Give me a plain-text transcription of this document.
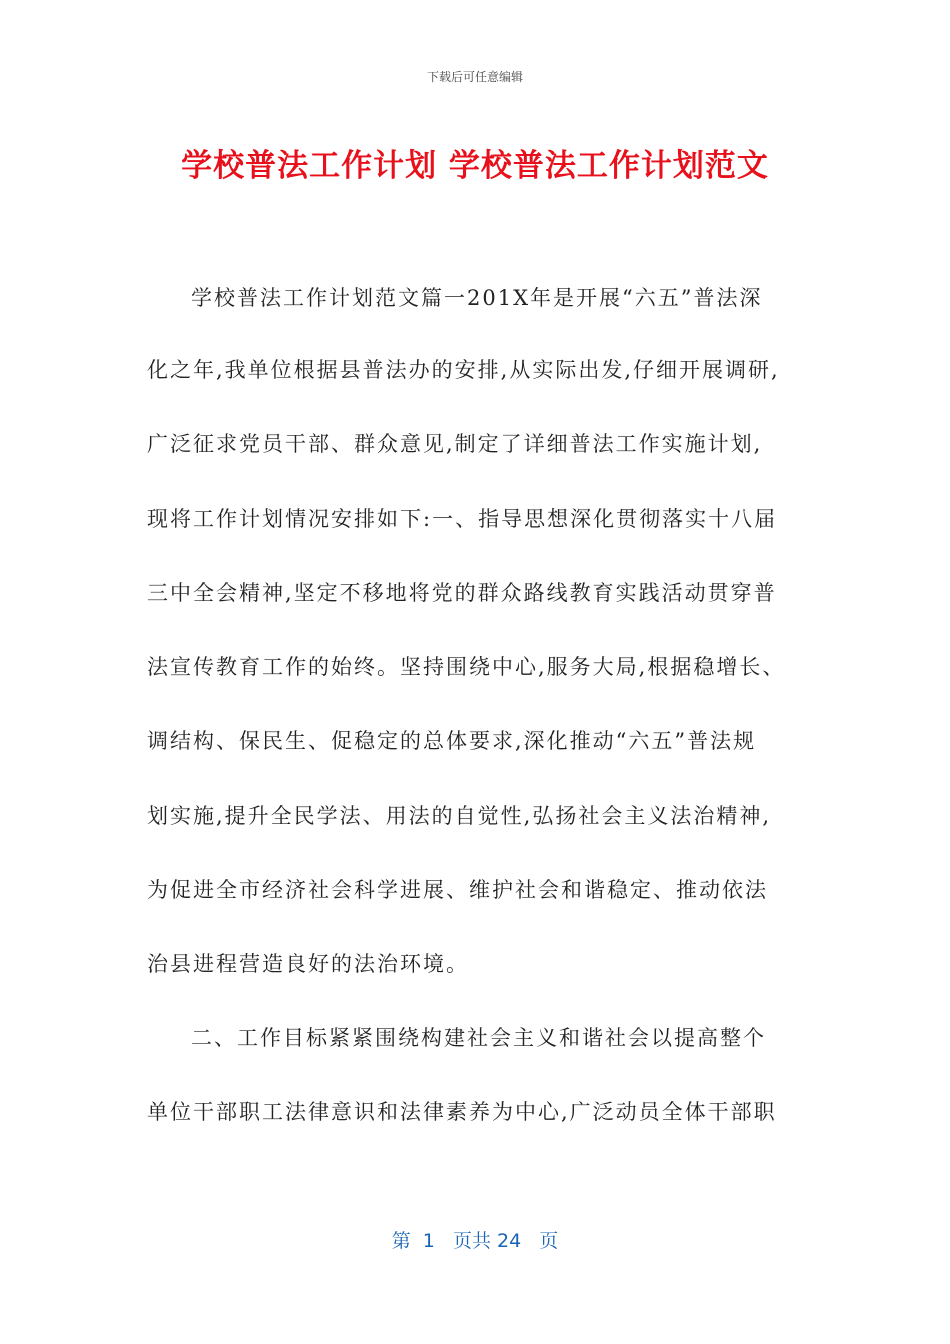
下载后可任意编辑
学校普法工作计划 学校普法工作计划范文
学校普法工作计划范文篇一201X年是开展“六五”普法深
化之年,我单位根据县普法办的安排,从实际出发,仔细开展调研,
广泛征求党员干部、群众意见,制定了详细普法工作实施计划,
现将工作计划情况安排如下:一、指导思想深化贯彻落实十八届
三中全会精神,坚定不移地将党的群众路线教育实践活动贯穿普
法宣传教育工作的始终。坚持围绕中心,服务大局,根据稳增长、
调结构、保民生、促稳定的总体要求,深化推动“六五”普法规
划实施,提升全民学法、用法的自觉性,弘扬社会主义法治精神,
为促进全市经济社会科学进展、维护社会和谐稳定、推动依法
治县进程营造良好的法治环境。
二、工作目标紧紧围绕构建社会主义和谐社会以提高整个
单位干部职工法律意识和法律素养为中心,广泛动员全体干部职
第  1   页共 24   页
